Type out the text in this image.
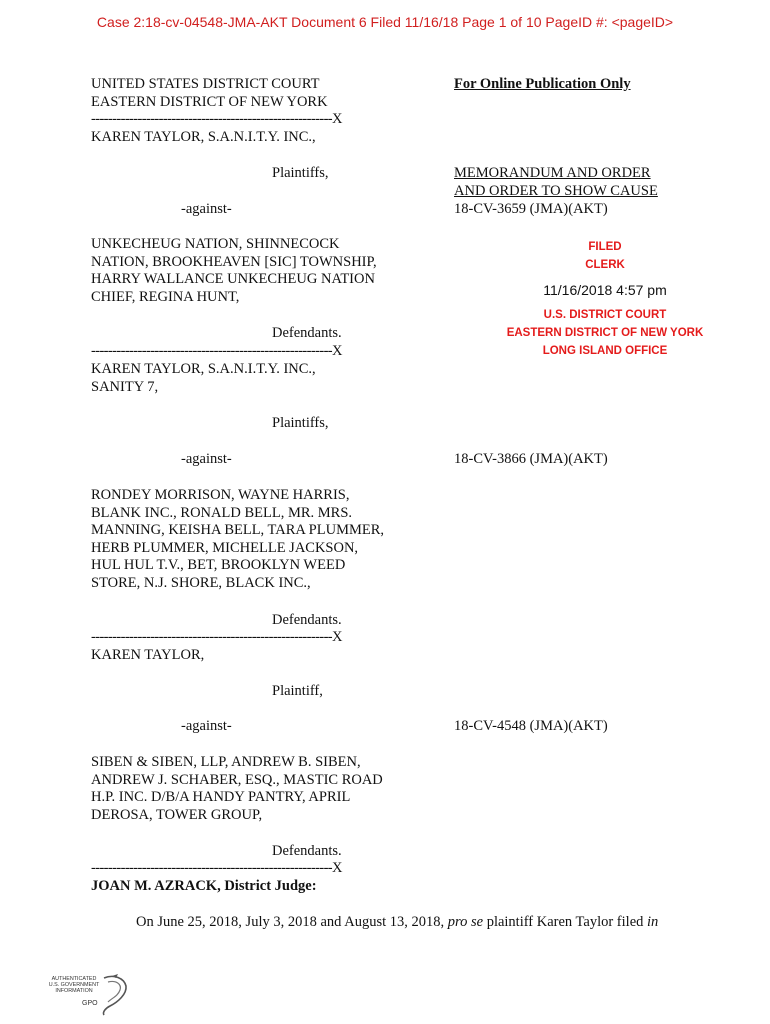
Case 2:18-cv-04548-JMA-AKT Document 6 Filed 11/16/18 Page 1 of 10 PageID #: <pageID>
UNITED STATES DISTRICT COURT
EASTERN DISTRICT OF NEW YORK
For Online Publication Only
---------------------------------------------------------X
KAREN TAYLOR, S.A.N.I.T.Y. INC.,
Plaintiffs,
-against-
UNKECHEUG NATION, SHINNECOCK
NATION, BROOKHEAVEN [SIC] TOWNSHIP,
HARRY WALLANCE UNKECHEUG NATION
CHIEF, REGINA HUNT,
Defendants.
MEMORANDUM AND ORDER
AND ORDER TO SHOW CAUSE
18-CV-3659 (JMA)(AKT)
FILED
CLERK
11/16/2018 4:57 pm
U.S. DISTRICT COURT
EASTERN DISTRICT OF NEW YORK
LONG ISLAND OFFICE
---------------------------------------------------------X
KAREN TAYLOR, S.A.N.I.T.Y. INC.,
SANITY 7,
Plaintiffs,
-against-	18-CV-3866 (JMA)(AKT)
RONDEY MORRISON, WAYNE HARRIS,
BLANK INC., RONALD BELL, MR. MRS.
MANNING, KEISHA BELL, TARA PLUMMER,
HERB PLUMMER, MICHELLE JACKSON,
HUL HUL T.V., BET, BROOKLYN WEED
STORE, N.J. SHORE, BLACK INC.,
Defendants.
---------------------------------------------------------X
KAREN TAYLOR,
Plaintiff,
-against-	18-CV-4548 (JMA)(AKT)
SIBEN & SIBEN, LLP, ANDREW B. SIBEN,
ANDREW J. SCHABER, ESQ., MASTIC ROAD
H.P. INC. D/B/A HANDY PANTRY, APRIL
DEROSA, TOWER GROUP,
Defendants.
---------------------------------------------------------X
JOAN M. AZRACK, District Judge:
On June 25, 2018, July 3, 2018 and August 13, 2018, pro se plaintiff Karen Taylor filed in
AUTHENTICATED
U.S. GOVERNMENT
INFORMATION
GPO
